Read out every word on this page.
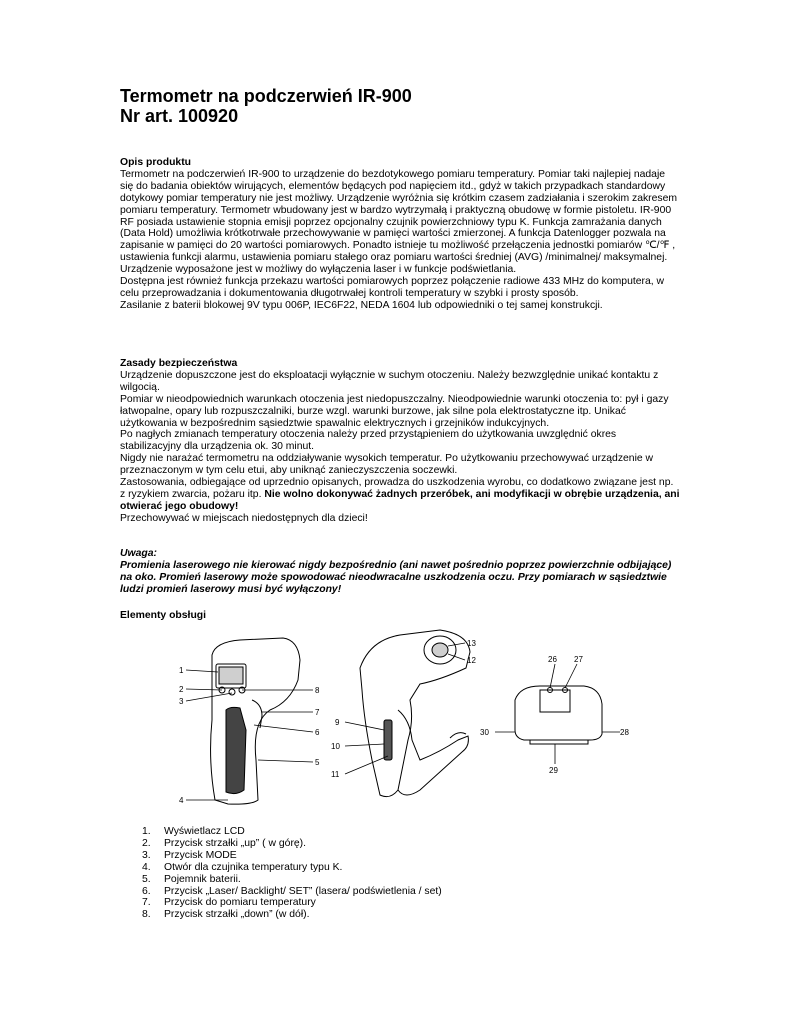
Termometr na podczerwień IR-900
Nr art. 100920

Opis produktu

Termometr na podczerwień IR-900 to urządzenie do bezdotykowego pomiaru temperatury. Pomiar taki najlepiej nadaje się do badania obiektów wirujących, elementów będących pod napięciem itd., gdyż w takich przypadkach standardowy dotykowy pomiar temperatury nie jest możliwy. Urządzenie wyróżnia się krótkim czasem zadziałania i szerokim zakresem pomiaru temperatury. Termometr wbudowany jest w bardzo wytrzymałą i praktyczną obudowę w formie pistoletu. IR-900 RF posiada ustawienie stopnia emisji poprzez opcjonalny czujnik powierzchniowy typu K. Funkcja zamrażania danych (Data Hold) umożliwia krótkotrwałe przechowywanie w pamięci wartości zmierzonej. A funkcja Datenlogger pozwala na zapisanie w pamięci do 20 wartości pomiarowych. Ponadto istnieje tu możliwość przełączenia jednostki pomiarów ℃/℉ , ustawienia funkcji alarmu, ustawienia pomiaru stałego oraz pomiaru wartości średniej (AVG) /minimalnej/ maksymalnej. Urządzenie wyposażone jest w możliwy do wyłączenia laser i w funkcje podświetlania.

Dostępna jest również funkcja przekazu wartości pomiarowych poprzez połączenie radiowe 433 MHz do komputera, w celu przeprowadzania i dokumentowania długotrwałej kontroli temperatury w szybki i prosty sposób.

Zasilanie z baterii blokowej 9V typu 006P, IEC6F22, NEDA 1604 lub odpowiedniki o tej samej konstrukcji.

Zasady bezpieczeństwa

Urządzenie dopuszczone jest do eksploatacji wyłącznie w suchym otoczeniu. Należy bezwzględnie unikać kontaktu z wilgocią.

Pomiar w nieodpowiednich warunkach otoczenia jest niedopuszczalny. Nieodpowiednie warunki otoczenia to: pył i gazy łatwopalne, opary lub rozpuszczalniki, burze wzgl. warunki burzowe, jak silne pola elektrostatyczne itp. Unikać użytkowania w bezpośrednim sąsiedztwie spawalnic elektrycznych i grzejników indukcyjnych.

Po nagłych zmianach temperatury otoczenia należy przed przystąpieniem do użytkowania uwzględnić okres stabilizacyjny dla urządzenia ok. 30 minut.

Nigdy nie narażać termometru na oddziaływanie wysokich temperatur. Po użytkowaniu przechowywać urządzenie w przeznaczonym w tym celu etui, aby uniknąć zanieczyszczenia soczewki.

Zastosowania, odbiegające od uprzednio opisanych, prowadza do uszkodzenia wyrobu, co dodatkowo związane jest np. z ryzykiem zwarcia, pożaru itp. Nie wolno dokonywać żadnych przeróbek, ani modyfikacji w obrębie urządzenia, ani otwierać jego obudowy!

Przechowywać w miejscach niedostępnych dla dzieci!

Uwaga:

Promienia laserowego nie kierować nigdy bezpośrednio (ani nawet pośrednio poprzez powierzchnie odbijające) na oko. Promień laserowy może spowodować nieodwracalne uszkodzenia oczu. Przy pomiarach w sąsiedztwie ludzi promień laserowy musi być wyłączony!

Elementy obsługi

1
2
3
8
7
6
5
4
13
12
9
10
11
26 27
30	28
29
1. Wyświetlacz LCD
2. Przycisk strzałki „up” ( w górę).
3. Przycisk MODE
4. Otwór dla czujnika temperatury typu K.
5. Pojemnik baterii.
6. Przycisk „Laser/ Backlight/ SET” (lasera/ podświetlenia / set)
7. Przycisk do pomiaru temperatury
8. Przycisk strzałki „down” (w dół).
